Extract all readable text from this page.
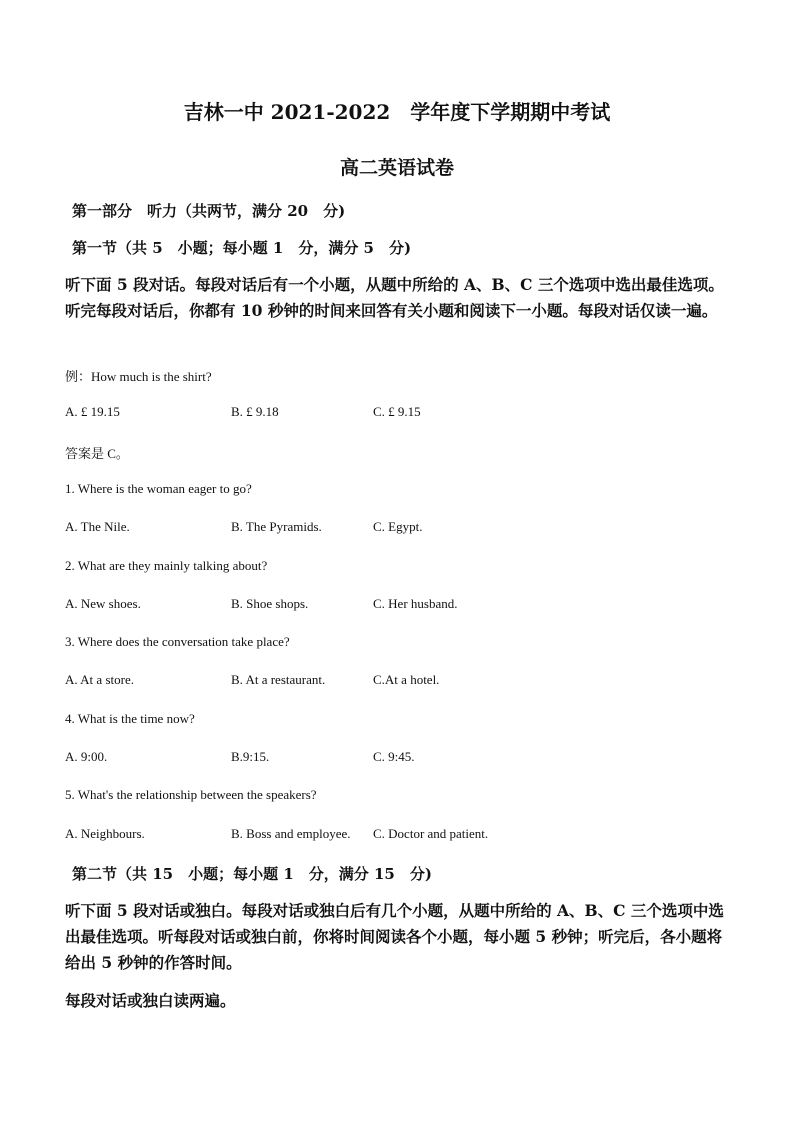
吉林一中 2021-2022　学年度下学期期中考试
高二英语试卷
第一部分　听力（共两节，满分 20　分)
第一节（共 5　小题；每小题 1　分，满分 5　分)
听下面 5 段对话。每段对话后有一个小题，从题中所给的 A、B、C 三个选项中选出最佳选项。听完每段对话后，你都有 10 秒钟的时间来回答有关小题和阅读下一小题。每段对话仅读一遍。
例：How much is the shirt?
A. £ 19.15	B. £ 9.18	C. £ 9.15
答案是 C。
1. Where is the woman eager to go?
A. The Nile.	B. The Pyramids.	C. Egypt.
2. What are they mainly talking about?
A. New shoes.	B. Shoe shops.	C. Her husband.
3. Where does the conversation take place?
A. At a store.	B. At a restaurant.	C.At a hotel.
4. What is the time now?
A. 9:00.	B.9:15.	C. 9:45.
5. What's the relationship between the speakers?
A. Neighbours.	B. Boss and employee. C. Doctor and patient.
第二节（共 15　小题；每小题 1　分，满分 15　分)
听下面 5 段对话或独白。每段对话或独白后有几个小题，从题中所给的 A、B、C 三个选项中选出最佳选项。听每段对话或独白前，你将时间阅读各个小题，每小题 5 秒钟；听完后，各小题将给出 5 秒钟的作答时间。
每段对话或独白读两遍。
